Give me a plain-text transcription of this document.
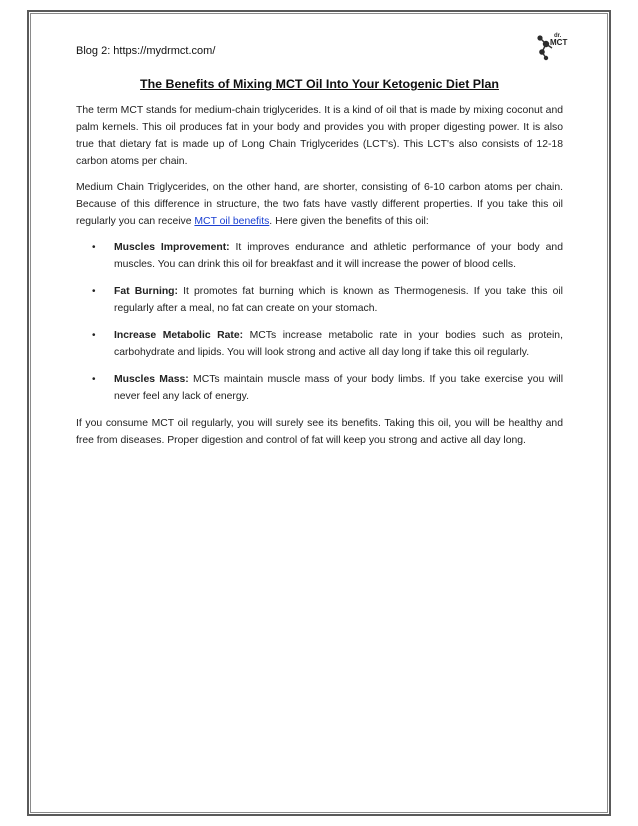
Blog 2: https://mydrmct.com/
dr.
MCT
The Benefits of Mixing MCT Oil Into Your Ketogenic Diet Plan

The term MCT stands for medium-chain triglycerides. It is a kind of oil that is made by mixing coconut and palm kernels. This oil produces fat in your body and provides you with proper digesting power. It is also true that dietary fat is made up of Long Chain Triglycerides (LCT's). This LCT's also consists of 12-18 carbon atoms per chain.

Medium Chain Triglycerides, on the other hand, are shorter, consisting of 6-10 carbon atoms per chain. Because of this difference in structure, the two fats have vastly different properties. If you take this oil regularly you can receive MCT oil benefits. Here given the benefits of this oil:

• Muscles Improvement: It improves endurance and athletic performance of your body and muscles. You can drink this oil for breakfast and it will increase the power of blood cells.
• Fat Burning: It promotes fat burning which is known as Thermogenesis. If you take this oil regularly after a meal, no fat can create on your stomach.
• Increase Metabolic Rate: MCTs increase metabolic rate in your bodies such as protein, carbohydrate and lipids. You will look strong and active all day long if take this oil regularly.
• Muscles Mass: MCTs maintain muscle mass of your body limbs. If you take exercise you will never feel any lack of energy.

If you consume MCT oil regularly, you will surely see its benefits. Taking this oil, you will be healthy and free from diseases. Proper digestion and control of fat will keep you strong and active all day long.
